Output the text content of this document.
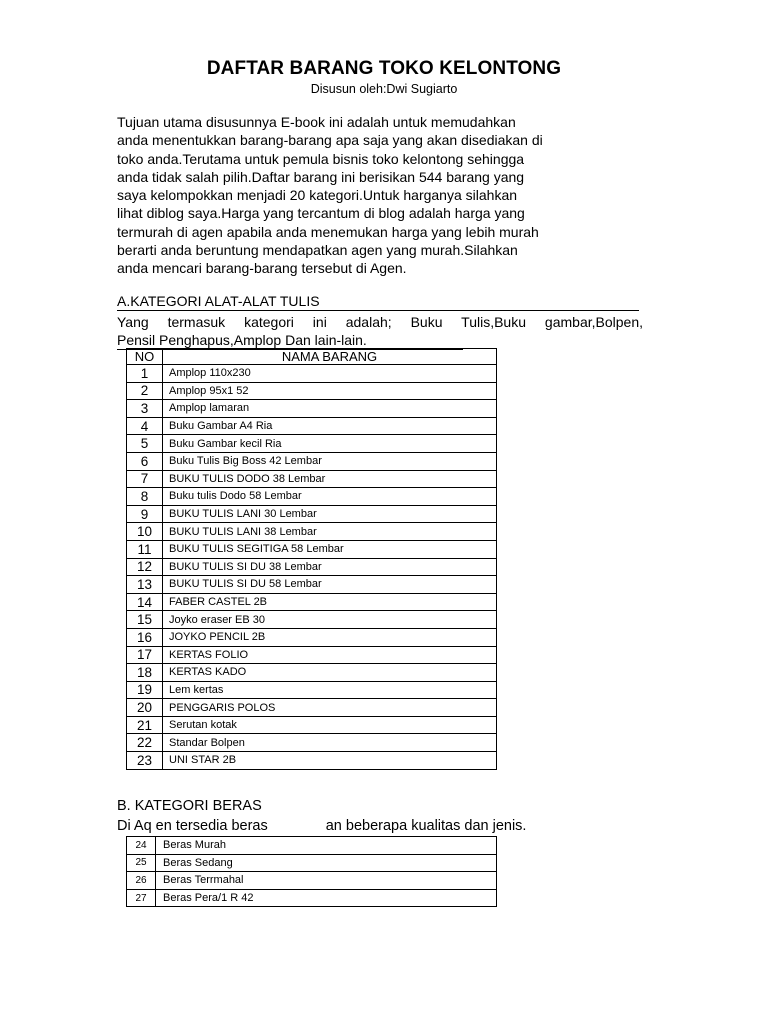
DAFTAR BARANG TOKO KELONTONG
Disusun oleh:Dwi Sugiarto
Tujuan utama disusunnya E-book ini adalah untuk memudahkan
anda menentukkan barang-barang apa saja yang akan disediakan di
toko anda.Terutama untuk pemula bisnis toko kelontong sehingga
anda tidak salah pilih.Daftar barang ini berisikan 544 barang yang
saya kelompokkan menjadi 20 kategori.Untuk harganya silahkan
lihat diblog saya.Harga yang tercantum di blog adalah harga yang
termurah di agen apabila anda menemukan harga yang lebih murah
berarti anda beruntung mendapatkan agen yang murah.Silahkan
anda mencari barang-barang tersebut di Agen.
A.KATEGORI ALAT-ALAT TULIS
Yang termasuk kategori ini adalah; Buku Tulis,Buku gambar,Bolpen,
Pensil Penghapus,Amplop Dan lain-lain.
NO	NAMA BARANG
1	Amplop 110x230
2	Amplop 95x1 52
3	Amplop lamaran
4	Buku Gambar A4 Ria
5	Buku Gambar kecil Ria
6	Buku Tulis Big Boss 42 Lembar
7	BUKU TULIS DODO 38 Lembar
8	Buku tulis Dodo 58 Lembar
9	BUKU TULIS LANI 30 Lembar
10	BUKU TULIS LANI 38 Lembar
11	BUKU TULIS SEGITIGA 58 Lembar
12	BUKU TULIS SI DU 38 Lembar
13	BUKU TULIS SI DU 58 Lembar
14	FABER CASTEL 2B
15	Joyko eraser EB 30
16	JOYKO PENCIL 2B
17	KERTAS FOLIO
18	KERTAS KADO
19	Lem kertas
20	PENGGARIS POLOS
21	Serutan kotak
22	Standar Bolpen
23	UNI STAR 2B
B. KATEGORI BERAS
Di Aq en tersedia beras	an beberapa kualitas dan jenis.
24	Beras Murah
25	Beras Sedang
26	Beras Terrmahal
27	Beras Pera/1 R 42
